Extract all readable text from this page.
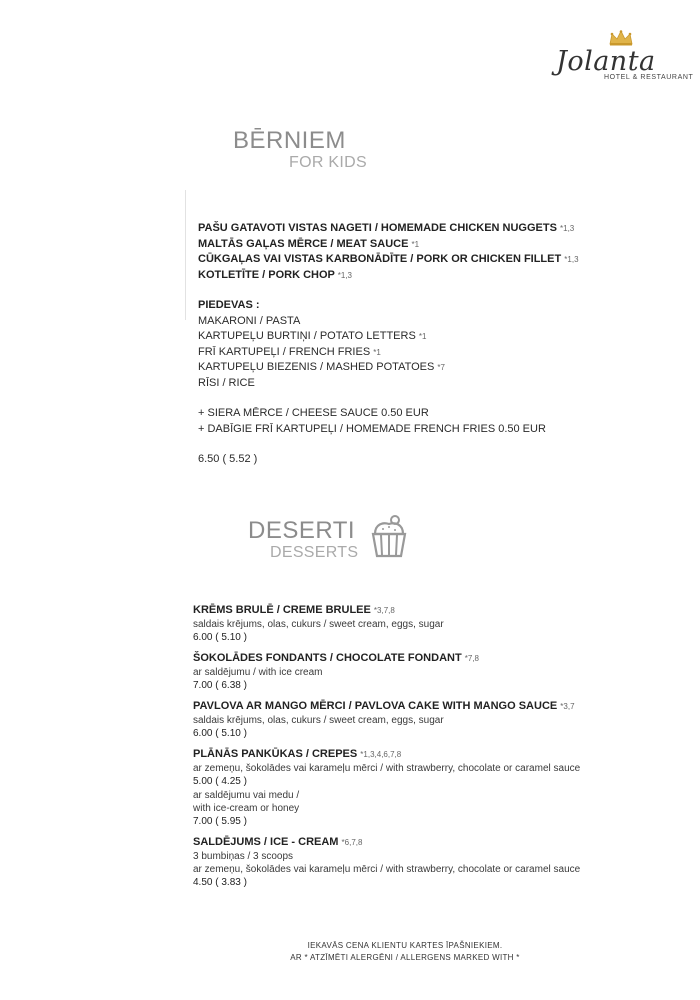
Jolanta
HOTEL & RESTAURANT
BĒRNIEM
FOR KIDS
PAŠU GATAVOTI VISTAS NAGETI / HOMEMADE CHICKEN NUGGETS *1,3
MALTĀS GAĻAS MĒRCE / MEAT SAUCE *1
CŪKGAĻAS VAI VISTAS KARBONĀDĪTE / PORK OR CHICKEN FILLET *1,3
KOTLETĪTE / PORK CHOP *1,3
PIEDEVAS :
MAKARONI / PASTA
KARTUPEĻU BURTIŅI / POTATO LETTERS *1
FRĪ KARTUPEĻI / FRENCH FRIES *1
KARTUPEĻU BIEZENIS / MASHED POTATOES *7
RĪSI / RICE
+ SIERA MĒRCE / CHEESE SAUCE 0.50 EUR
+ DABĪGIE FRĪ KARTUPEĻI / HOMEMADE FRENCH FRIES 0.50 EUR
6.50 ( 5.52 )
DESERTI
DESSERTS
KRĒMS BRULĒ / CREME BRULEE *3,7,8
saldais krējums, olas, cukurs / sweet cream, eggs, sugar
6.00 ( 5.10 )
ŠOKOLĀDES FONDANTS / CHOCOLATE FONDANT *7,8
ar saldējumu / with ice cream
7.00 ( 6.38 )
PAVLOVA AR MANGO MĒRCI / PAVLOVA CAKE WITH MANGO SAUCE *3,7
saldais krējums, olas, cukurs / sweet cream, eggs, sugar
6.00 ( 5.10 )
PLĀNĀS PANKŪKAS / CREPES *1,3,4,6,7,8
ar zemeņu, šokolādes vai karameļu mērci / with strawberry, chocolate or caramel sauce
5.00 ( 4.25 )
ar saldējumu vai medu /
with ice-cream or honey
7.00 ( 5.95 )
SALDĒJUMS / ICE - CREAM *6,7,8
3 bumbiņas / 3 scoops
ar zemeņu, šokolādes vai karameļu mērci / with strawberry, chocolate or caramel sauce
4.50 ( 3.83 )
IEKAVĀS CENA KLIENTU KARTES ĪPAŠNIEKIEM.
AR * ATZĪMĒTI ALERGĒNI / ALLERGENS MARKED WITH *
